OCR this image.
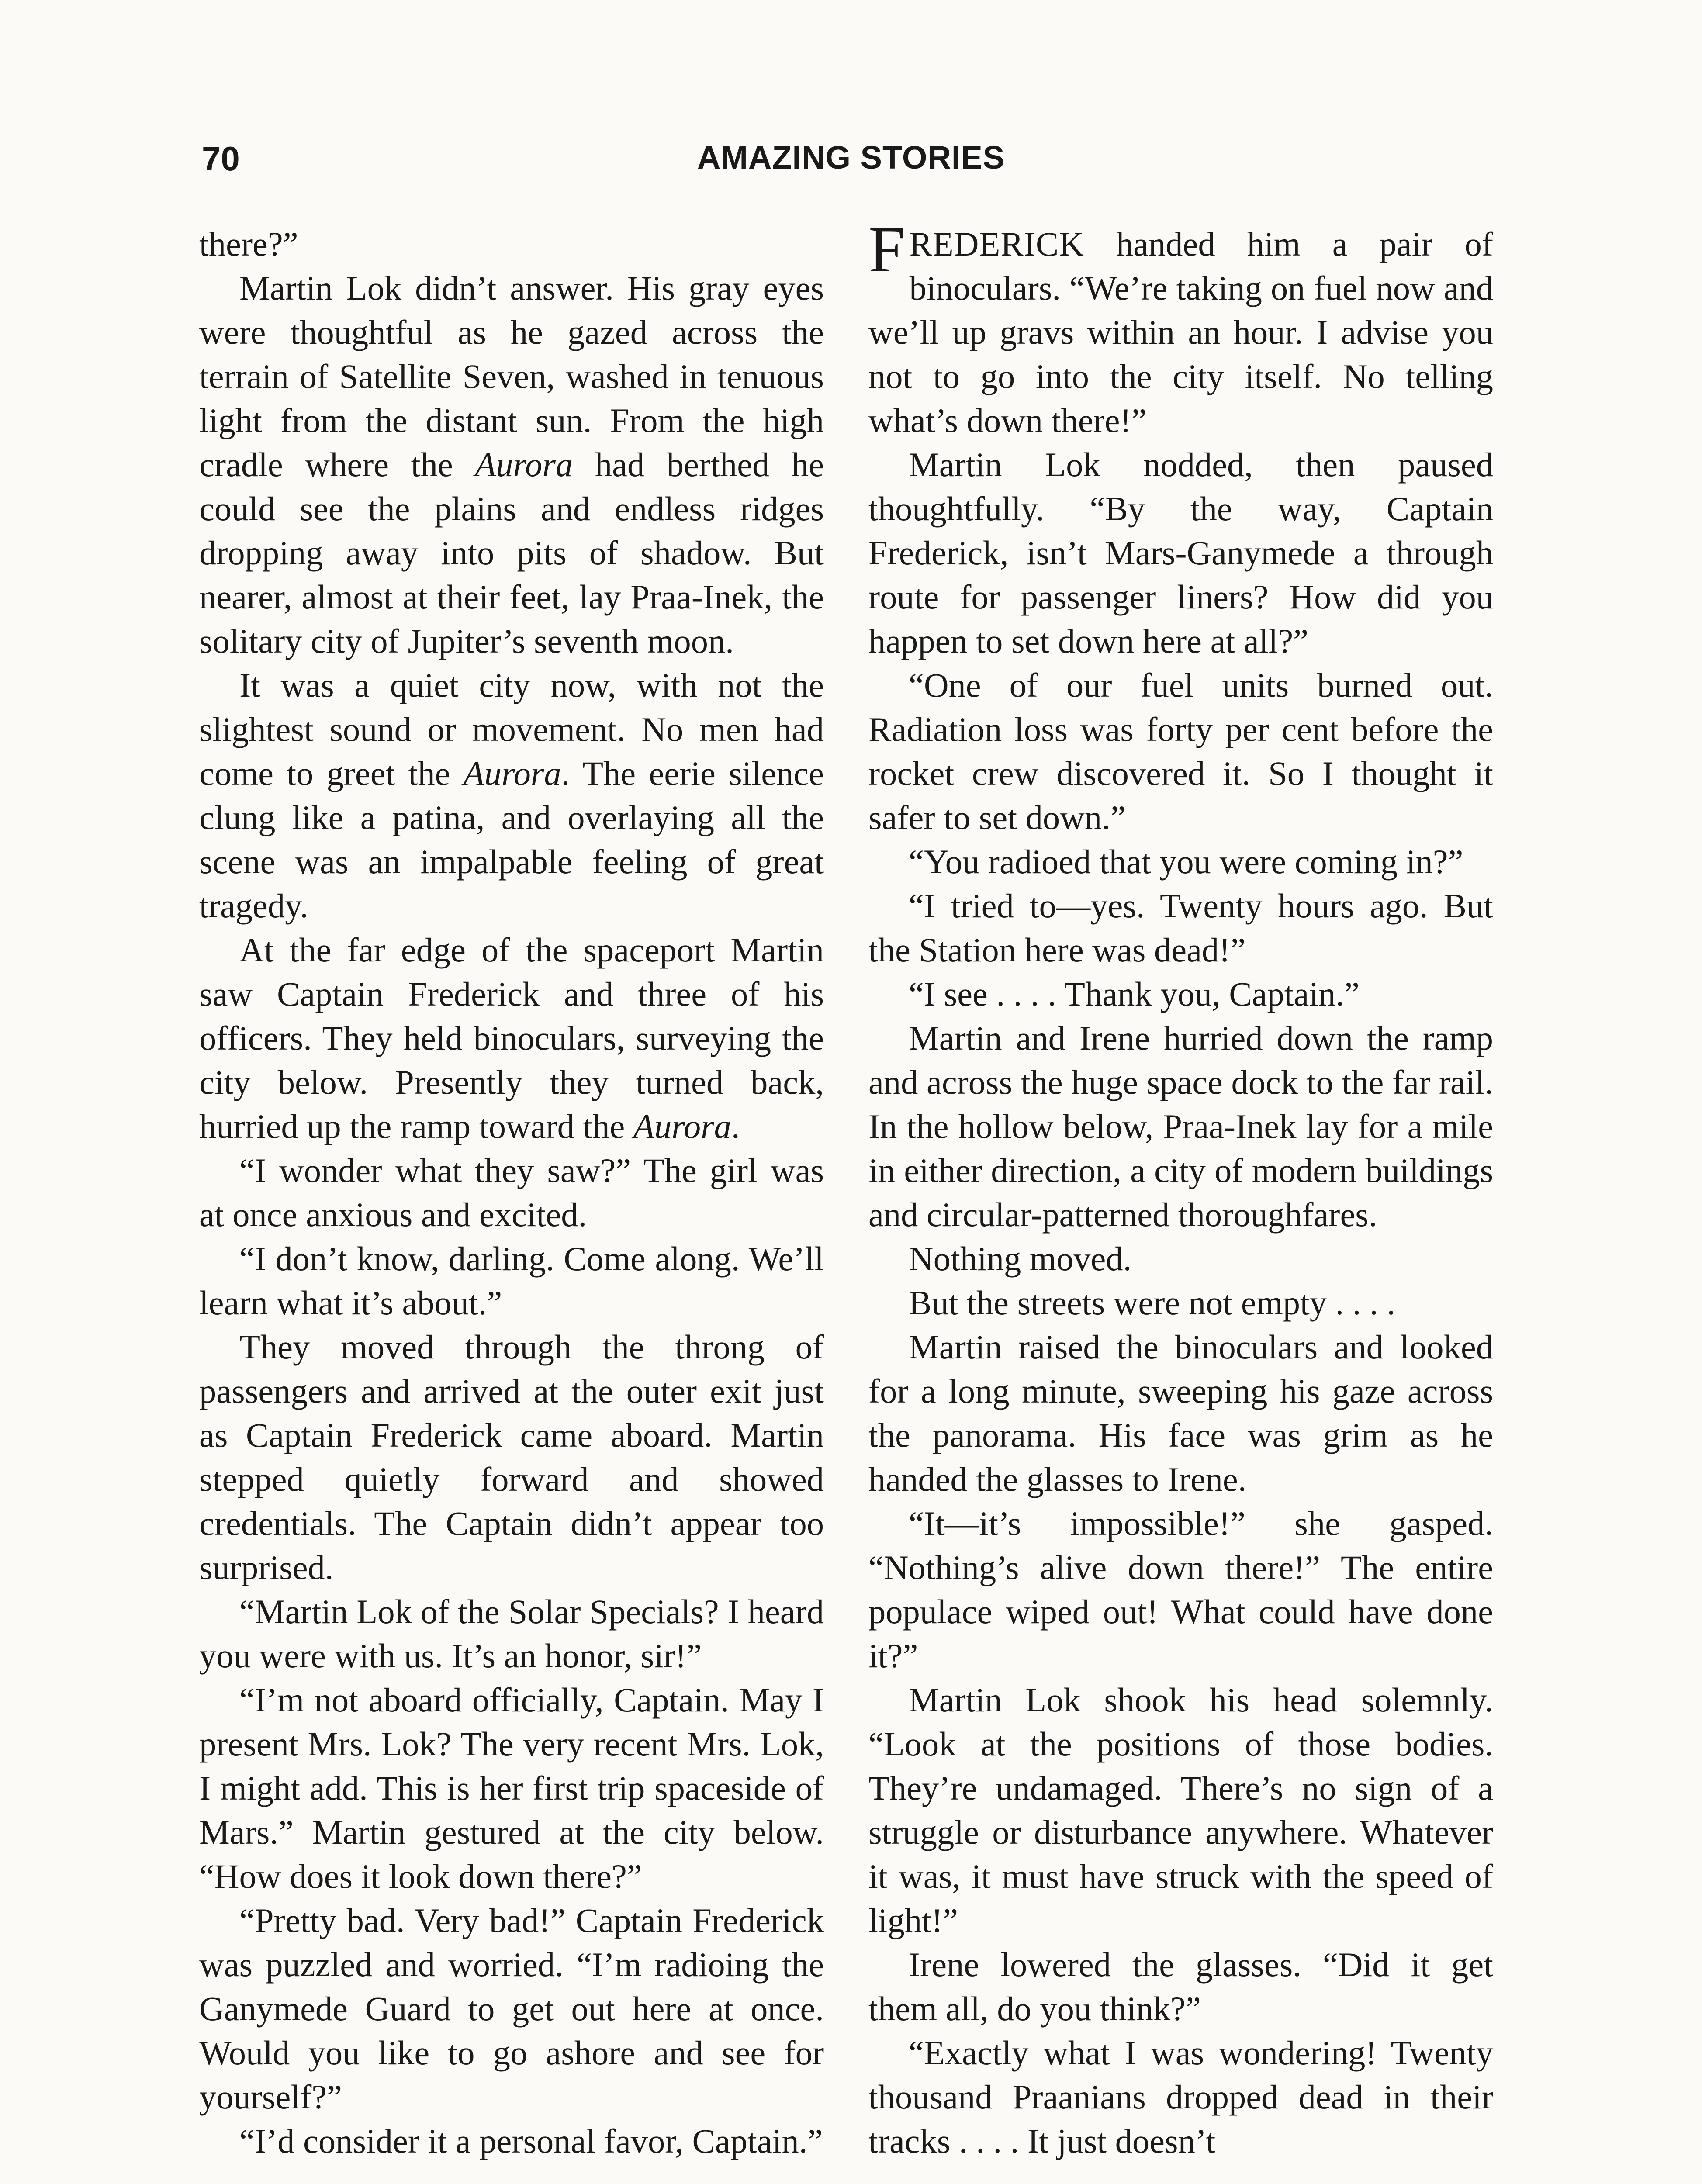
70	AMAZING STORIES

there?”

Martin Lok didn’t answer. His gray eyes were thoughtful as he gazed across the terrain of Satellite Seven, washed in tenuous light from the distant sun. From the high cradle where the Aurora had berthed he could see the plains and endless ridges dropping away into pits of shadow. But nearer, almost at their feet, lay Praa-Inek, the solitary city of Jupiter’s seventh moon.

It was a quiet city now, with not the slightest sound or movement. No men had come to greet the Aurora. The eerie silence clung like a patina, and overlaying all the scene was an impalpable feeling of great tragedy.

At the far edge of the spaceport Martin saw Captain Frederick and three of his officers. They held binoculars, surveying the city below. Presently they turned back, hurried up the ramp toward the Aurora.

“I wonder what they saw?” The girl was at once anxious and excited.

“I don’t know, darling. Come along. We’ll learn what it’s about.”

They moved through the throng of passengers and arrived at the outer exit just as Captain Frederick came aboard. Martin stepped quietly forward and showed credentials. The Captain didn’t appear too surprised.

“Martin Lok of the Solar Specials? I heard you were with us. It’s an honor, sir!”

“I’m not aboard officially, Captain. May I present Mrs. Lok? The very recent Mrs. Lok, I might add. This is her first trip spaceside of Mars.” Martin gestured at the city below. “How does it look down there?”

“Pretty bad. Very bad!” Captain Frederick was puzzled and worried. “I’m radioing the Ganymede Guard to get out here at once. Would you like to go ashore and see for yourself?”

“I’d consider it a personal favor, Captain.”

FREDERICK handed him a pair of binoculars. “We’re taking on fuel now and we’ll up gravs within an hour. I advise you not to go into the city itself. No telling what’s down there!”

Martin Lok nodded, then paused thoughtfully. “By the way, Captain Frederick, isn’t Mars-Ganymede a through route for passenger liners? How did you happen to set down here at all?”

“One of our fuel units burned out. Radiation loss was forty per cent before the rocket crew discovered it. So I thought it safer to set down.”

“You radioed that you were coming in?”

“I tried to—yes. Twenty hours ago. But the Station here was dead!”

“I see . . . . Thank you, Captain.”

Martin and Irene hurried down the ramp and across the huge space dock to the far rail. In the hollow below, Praa-Inek lay for a mile in either direction, a city of modern buildings and circular-patterned thoroughfares.

Nothing moved.

But the streets were not empty . . . .

Martin raised the binoculars and looked for a long minute, sweeping his gaze across the panorama. His face was grim as he handed the glasses to Irene.

“It—it’s impossible!” she gasped. “Nothing’s alive down there!” The entire populace wiped out! What could have done it?”

Martin Lok shook his head solemnly. “Look at the positions of those bodies. They’re undamaged. There’s no sign of a struggle or disturbance anywhere. Whatever it was, it must have struck with the speed of light!”

Irene lowered the glasses. “Did it get them all, do you think?”

“Exactly what I was wondering! Twenty thousand Praanians dropped dead in their tracks . . . . It just doesn’t
